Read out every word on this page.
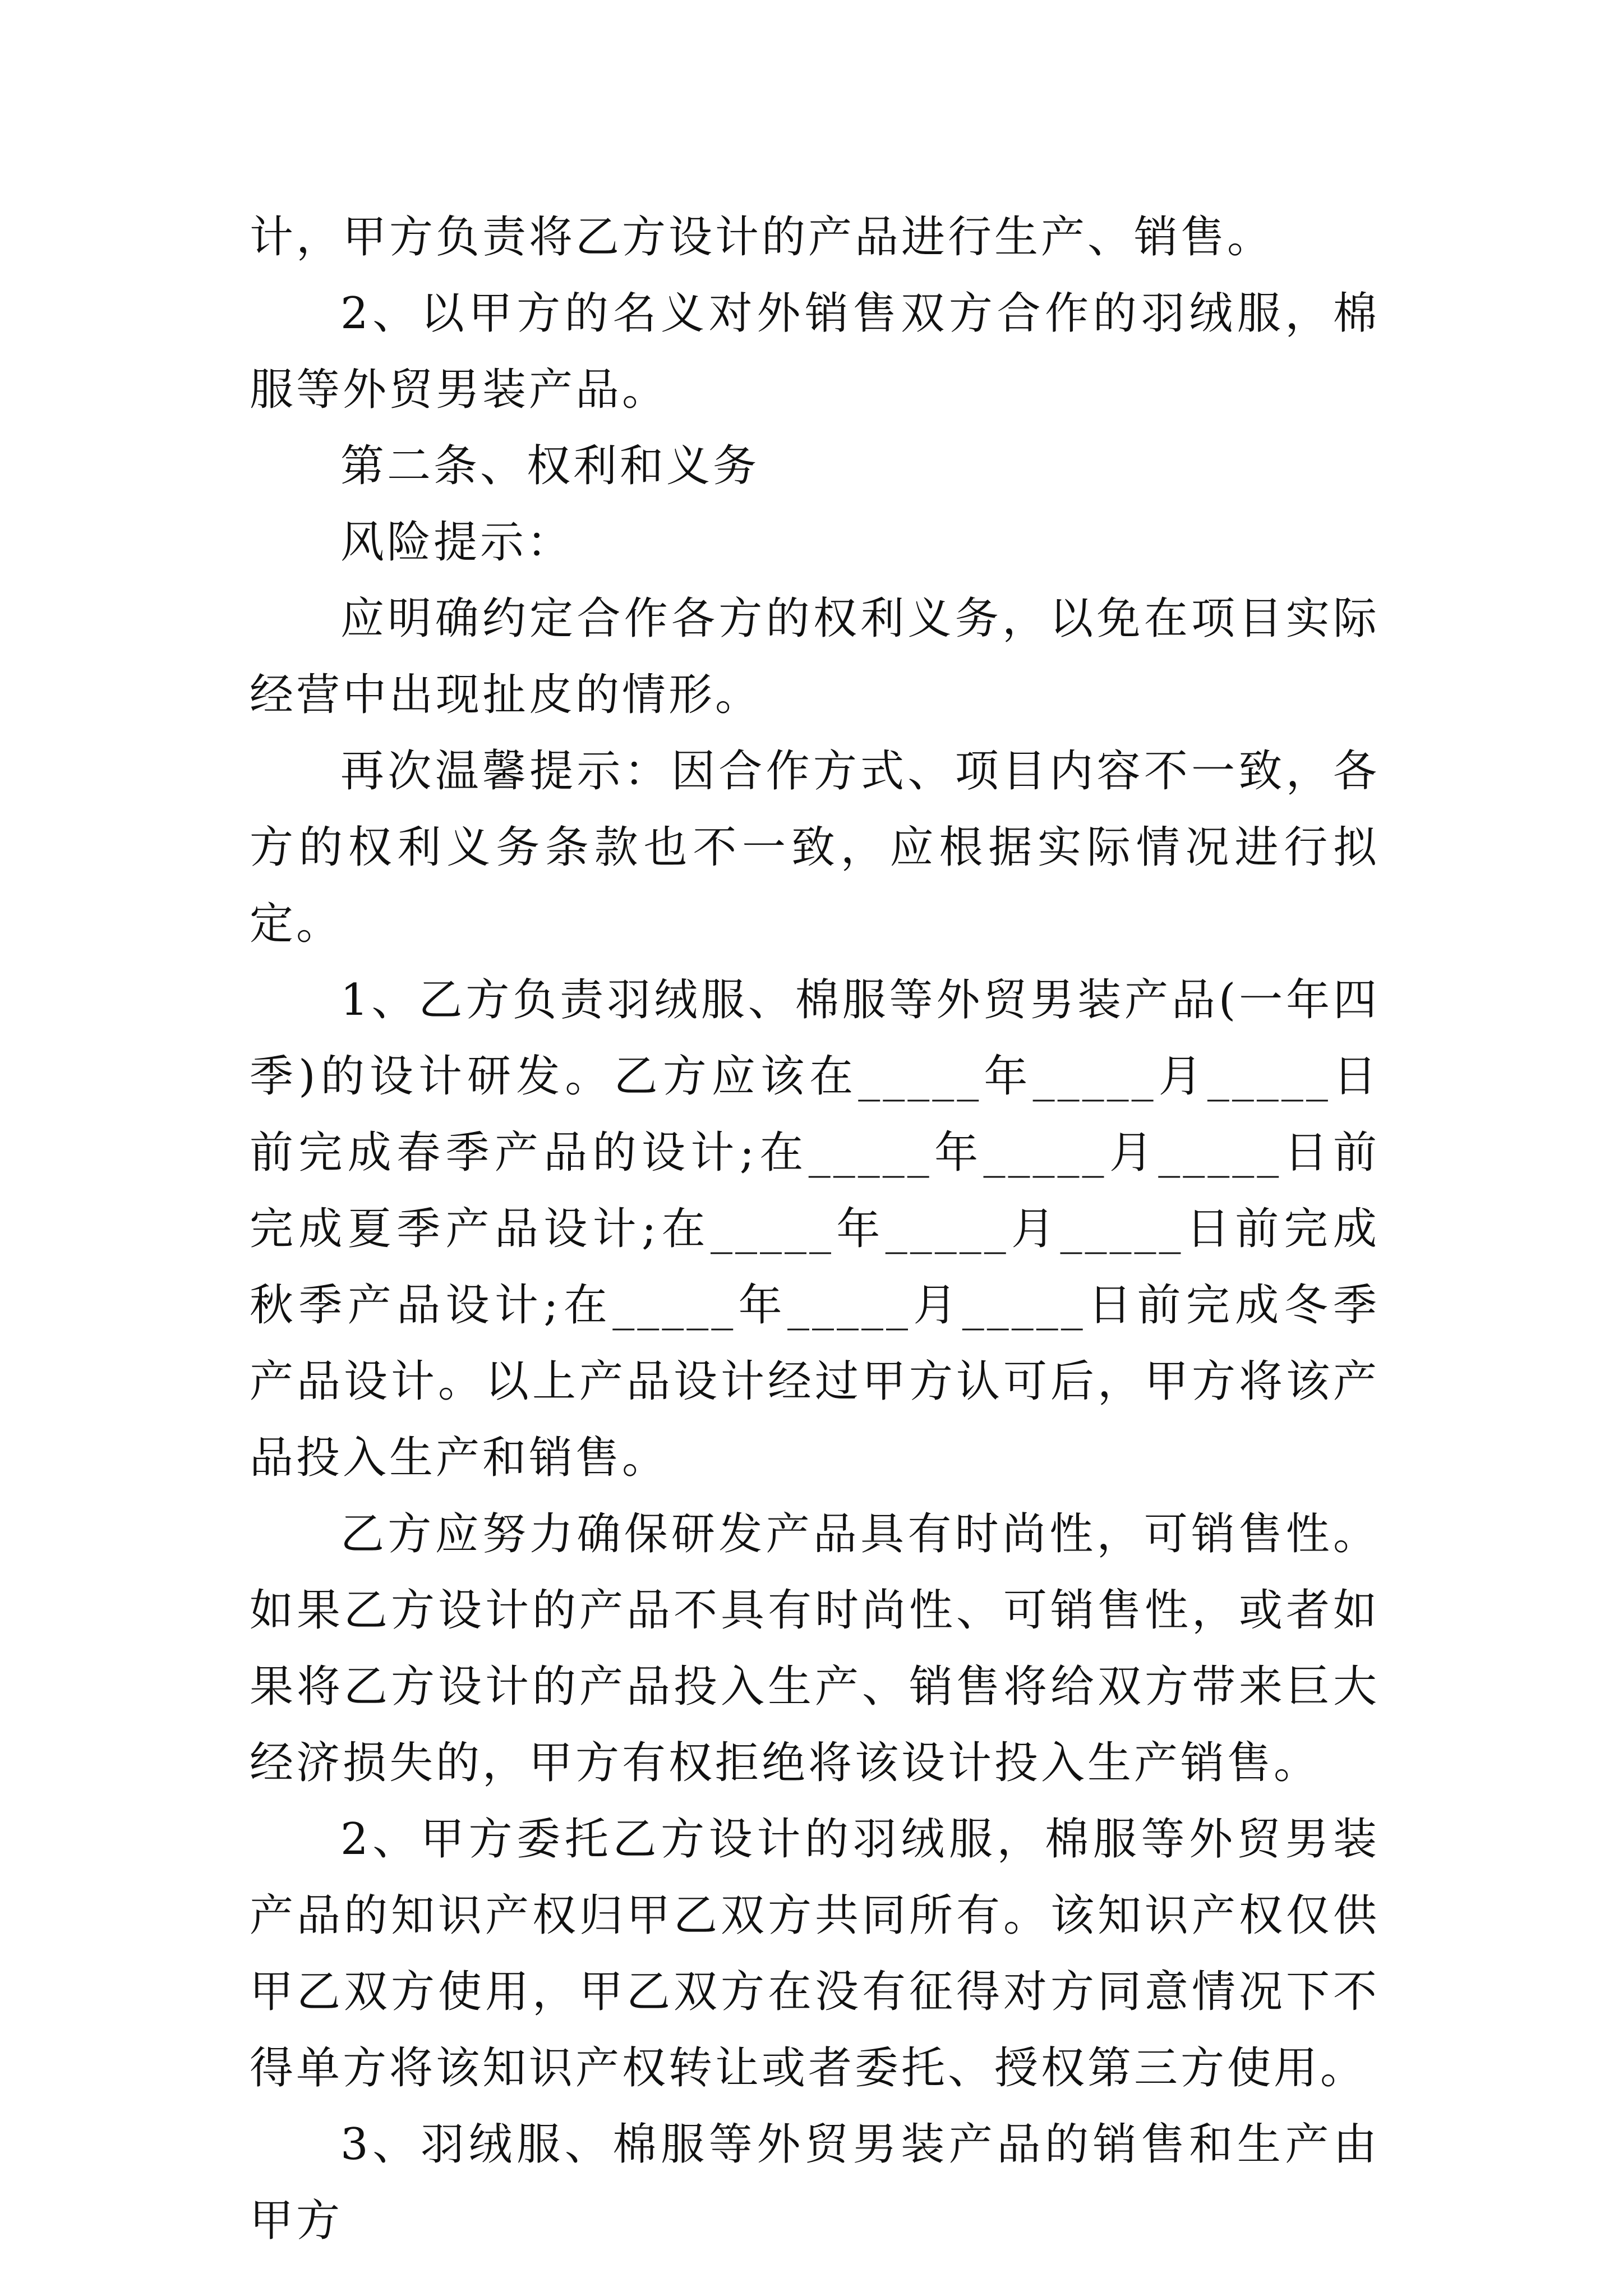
计，甲方负责将乙方设计的产品进行生产、销售。

2、以甲方的名义对外销售双方合作的羽绒服，棉服等外贸男装产品。

第二条、权利和义务

风险提示：

应明确约定合作各方的权利义务，以免在项目实际经营中出现扯皮的情形。

再次温馨提示：因合作方式、项目内容不一致，各方的权利义务条款也不一致，应根据实际情况进行拟定。

1、乙方负责羽绒服、棉服等外贸男装产品(一年四季)的设计研发。乙方应该在_____年_____月_____日前完成春季产品的设计;在_____年_____月_____日前完成夏季产品设计;在_____年_____月_____日前完成秋季产品设计;在_____年_____月_____日前完成冬季产品设计。以上产品设计经过甲方认可后，甲方将该产品投入生产和销售。

乙方应努力确保研发产品具有时尚性，可销售性。如果乙方设计的产品不具有时尚性、可销售性，或者如果将乙方设计的产品投入生产、销售将给双方带来巨大经济损失的，甲方有权拒绝将该设计投入生产销售。

2、甲方委托乙方设计的羽绒服，棉服等外贸男装产品的知识产权归甲乙双方共同所有。该知识产权仅供甲乙双方使用，甲乙双方在没有征得对方同意情况下不得单方将该知识产权转让或者委托、授权第三方使用。

3、羽绒服、棉服等外贸男装产品的销售和生产由甲方
